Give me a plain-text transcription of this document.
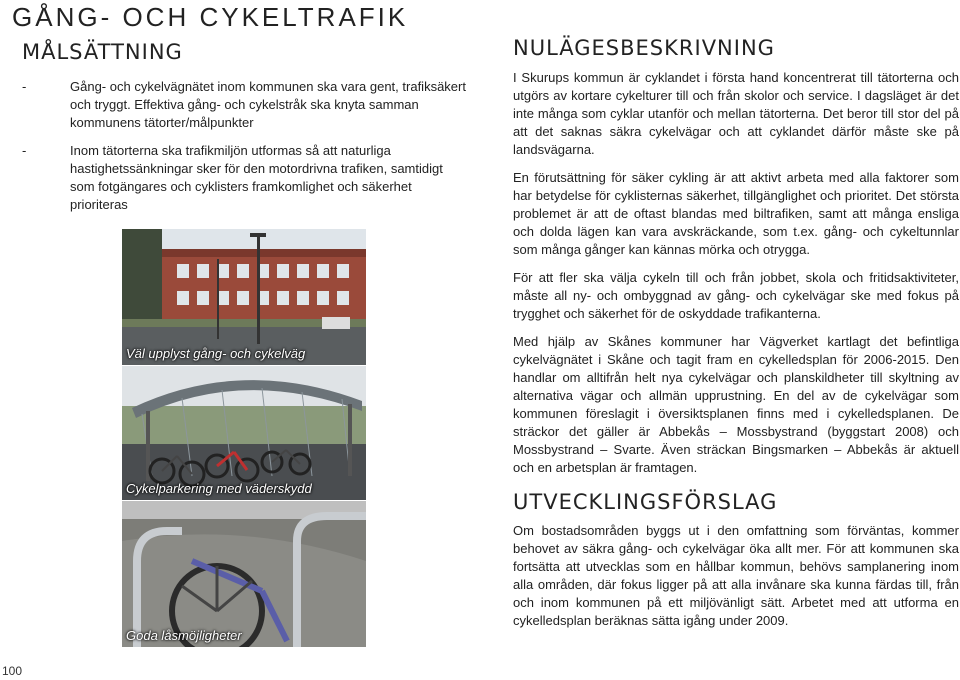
GÅNG- OCH CYKELTRAFIK
MÅLSÄTTNING
-	Gång- och cykelvägnätet inom kommunen ska vara gent, trafiksäkert och tryggt. Effektiva gång- och cykelstråk ska knyta samman kommunens tätorter/målpunkter
-	Inom tätorterna ska trafikmiljön utformas så att naturliga hastighetssänkningar sker för den motordrivna trafiken, samtidigt som fotgängares och cyklisters framkomlighet och säkerhet prioriteras
Väl upplyst gång- och cykelväg
Cykelparkering med väderskydd
Goda låsmöjligheter
NULÄGESBESKRIVNING

I Skurups kommun är cyklandet i första hand koncentrerat till tätorterna och utgörs av kortare cykelturer till och från skolor och service. I dagsläget är det inte många som cyklar utanför och mellan tätorterna. Det beror till stor del på att det saknas säkra cykelvägar och att cyklandet därför måste ske på landsvägarna.

En förutsättning för säker cykling är att aktivt arbeta med alla faktorer som har betydelse för cyklisternas säkerhet, tillgänglighet och prioritet. Det största problemet är att de oftast blandas med biltrafiken, samt att många ensliga och dolda lägen kan vara avskräckande, som t.ex. gång- och cykeltunnlar som många gånger kan kännas mörka och otrygga.

För att fler ska välja cykeln till och från jobbet, skola och fritidsaktiviteter, måste all ny- och ombyggnad av gång- och cykelvägar ske med fokus på trygghet och säkerhet för de oskyddade trafikanterna.

Med hjälp av Skånes kommuner har Vägverket kartlagt det befintliga cykelvägnätet i Skåne och tagit fram en cykelledsplan för 2006-2015. Den handlar om alltifrån helt nya cykelvägar och planskildheter till skyltning av alternativa vägar och allmän upprustning. En del av de cykelvägar som kommunen föreslagit i översiktsplanen finns med i cykelledsplanen. De sträckor det gäller är Abbekås – Mossbystrand (byggstart 2008) och Mossbystrand – Svarte. Även sträckan Bingsmarken – Abbekås är aktuell och en arbetsplan är framtagen.

UTVECKLINGSFÖRSLAG

Om bostadsområden byggs ut i den omfattning som förväntas, kommer behovet av säkra gång- och cykelvägar öka allt mer. För att kommunen ska fortsätta att utvecklas som en hållbar kommun, behövs samplanering inom alla områden, där fokus ligger på att alla invånare ska kunna färdas till, från och inom kommunen på ett miljövänligt sätt. Arbetet med att utforma en cykelledsplan beräknas sätta igång under 2009.

100
